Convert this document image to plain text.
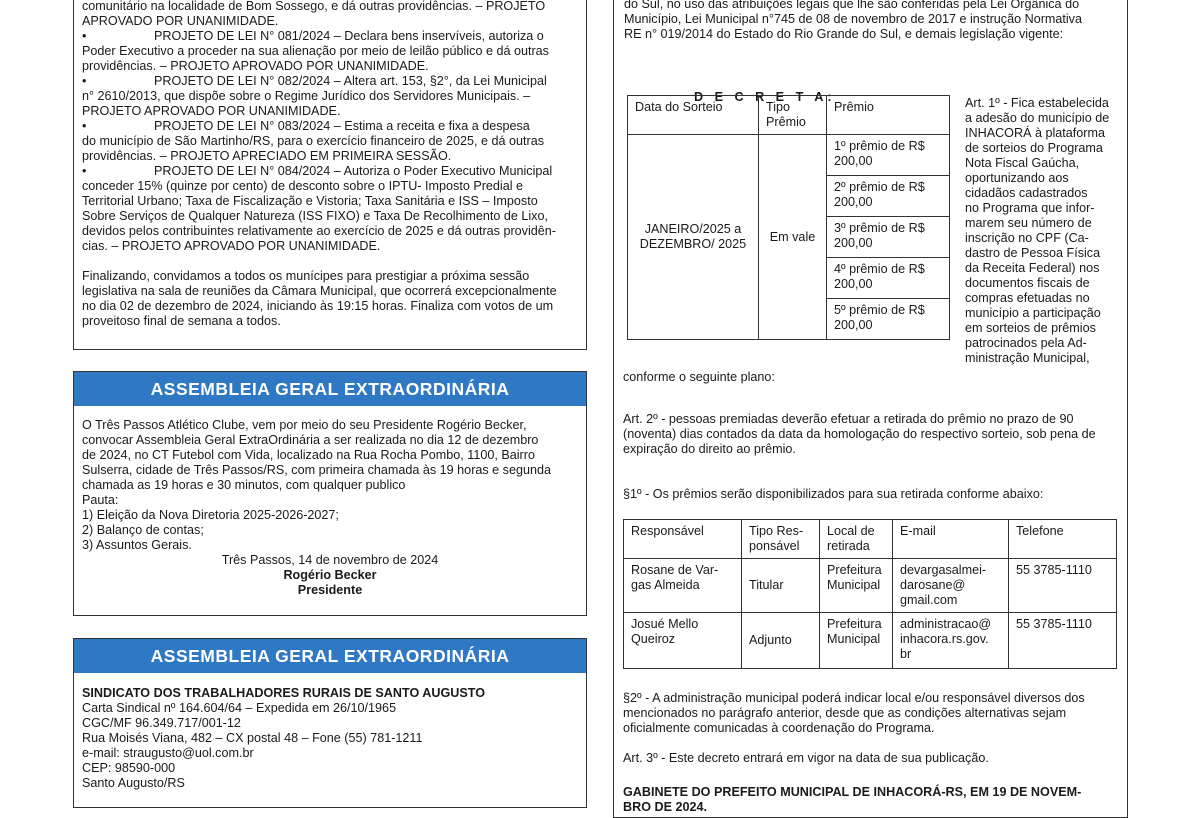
comunitário na localidade de Bom Sossego, e dá outras providências. – PROJETO APROVADO POR UNANIMIDADE.

•	PROJETO DE LEI N° 081/2024 – Declara bens inservíveis, autoriza o

Poder Executivo a proceder na sua alienação por meio de leilão público e dá outras

providências. – PROJETO APROVADO POR UNANIMIDADE.

•	PROJETO DE LEI N° 082/2024 – Altera art. 153, §2°, da Lei Municipal

n° 2610/2013, que dispõe sobre o Regime Jurídico dos Servidores Municipais. –

PROJETO APROVADO POR UNANIMIDADE.

•	PROJETO DE LEI N° 083/2024 – Estima a receita e fixa a despesa

do município de São Martinho/RS, para o exercício financeiro de 2025, e dá outras

providências. – PROJETO APRECIADO EM PRIMEIRA SESSÃO.

•	PROJETO DE LEI N° 084/2024 – Autoriza o Poder Executivo Municipal

conceder 15% (quinze por cento) de desconto sobre o IPTU- Imposto Predial e

Territorial Urbano; Taxa de Fiscalização e Vistoria; Taxa Sanitária e ISS – Imposto

Sobre Serviços de Qualquer Natureza (ISS FIXO) e Taxa De Recolhimento de Lixo,

devidos pelos contribuintes relativamente ao exercício de 2025 e dá outras providên-

cias. – PROJETO APROVADO POR UNANIMIDADE.

Finalizando, convidamos a todos os munícipes para prestigiar a próxima sessão

legislativa na sala de reuniões da Câmara Municipal, que ocorrerá excepcionalmente

no dia 02 de dezembro de 2024, iniciando às 19:15 horas. Finaliza com votos de um

proveitoso final de semana a todos.

ASSEMBLEIA GERAL EXTRAORDINÁRIA

O Três Passos Atlético Clube, vem por meio do seu Presidente Rogério Becker,

convocar Assembleia Geral ExtraOrdinária a ser realizada no dia 12 de dezembro

de 2024, no CT Futebol com Vida, localizado na Rua Rocha Pombo, 1100, Bairro

Sulserra, cidade de Três Passos/RS, com primeira chamada às 19 horas e segunda

chamada as 19 horas e 30 minutos, com qualquer publico

Pauta:

1) Eleição da Nova Diretoria 2025-2026-2027;

2) Balanço de contas;

3) Assuntos Gerais.

Três Passos, 14 de novembro de 2024

Rogério Becker

Presidente

ASSEMBLEIA GERAL EXTRAORDINÁRIA

SINDICATO DOS TRABALHADORES RURAIS DE SANTO AUGUSTO

Carta Sindical nº 164.604/64 – Expedida em 26/10/1965

CGC/MF 96.349.717/001-12

Rua Moisés Viana, 482 – CX postal 48 – Fone (55) 781-1211

e-mail: straugusto@uol.com.br

CEP: 98590-000

Santo Augusto/RS

do Sul, no uso das atribuições legais que lhe são conferidas pela Lei Orgânica do

Município, Lei Municipal n°745 de 08 de novembro de 2017 e instrução Normativa

RE n° 019/2014 do Estado do Rio Grande do Sul, e demais legislação vigente:

D E C R E T A:

Data do Sorteio	Tipo Prêmio	Prêmio
JANEIRO/2025 a DEZEMBRO/ 2025	Em vale	1º prêmio de R$ 200,00
		2º prêmio de R$ 200,00
		3º prêmio de R$ 200,00
		4º prêmio de R$ 200,00
		5º prêmio de R$ 200,00

Art. 1º - Fica estabelecida

a adesão do município de

INHACORÁ à plataforma

de sorteios do Programa

Nota Fiscal Gaúcha,

oportunizando aos

cidadãos cadastrados

no Programa que infor-

marem seu número de

inscrição no CPF (Ca-

dastro de Pessoa Física

da Receita Federal) nos

documentos fiscais de

compras efetuadas no

município a participação

em sorteios de prêmios

patrocinados pela Ad-

ministração Municipal,

conforme o seguinte plano:

Art. 2º - pessoas premiadas deverão efetuar a retirada do prêmio no prazo de 90

(noventa) dias contados da data da homologação do respectivo sorteio, sob pena de

expiração do direito ao prêmio.

§1º - Os prêmios serão disponibilizados para sua retirada conforme abaixo:

Responsável	Tipo Res- ponsável	Local de retirada	E-mail	Telefone
Rosane de Var- gas Almeida	Titular	Prefeitura Municipal	devargasalmei- darosane@ gmail.com	55 3785-1110
Josué Mello Queiroz	Adjunto	Prefeitura Municipal	administracao@ inhacora.rs.gov. br	55 3785-1110

§2º - A administração municipal poderá indicar local e/ou responsável diversos dos

mencionados no parágrafo anterior, desde que as condições alternativas sejam

oficialmente comunicadas à coordenação do Programa.

Art. 3º - Este decreto entrará em vigor na data de sua publicação.

GABINETE DO PREFEITO MUNICIPAL DE INHACORÁ-RS, EM 19 DE NOVEM-

BRO DE 2024.
